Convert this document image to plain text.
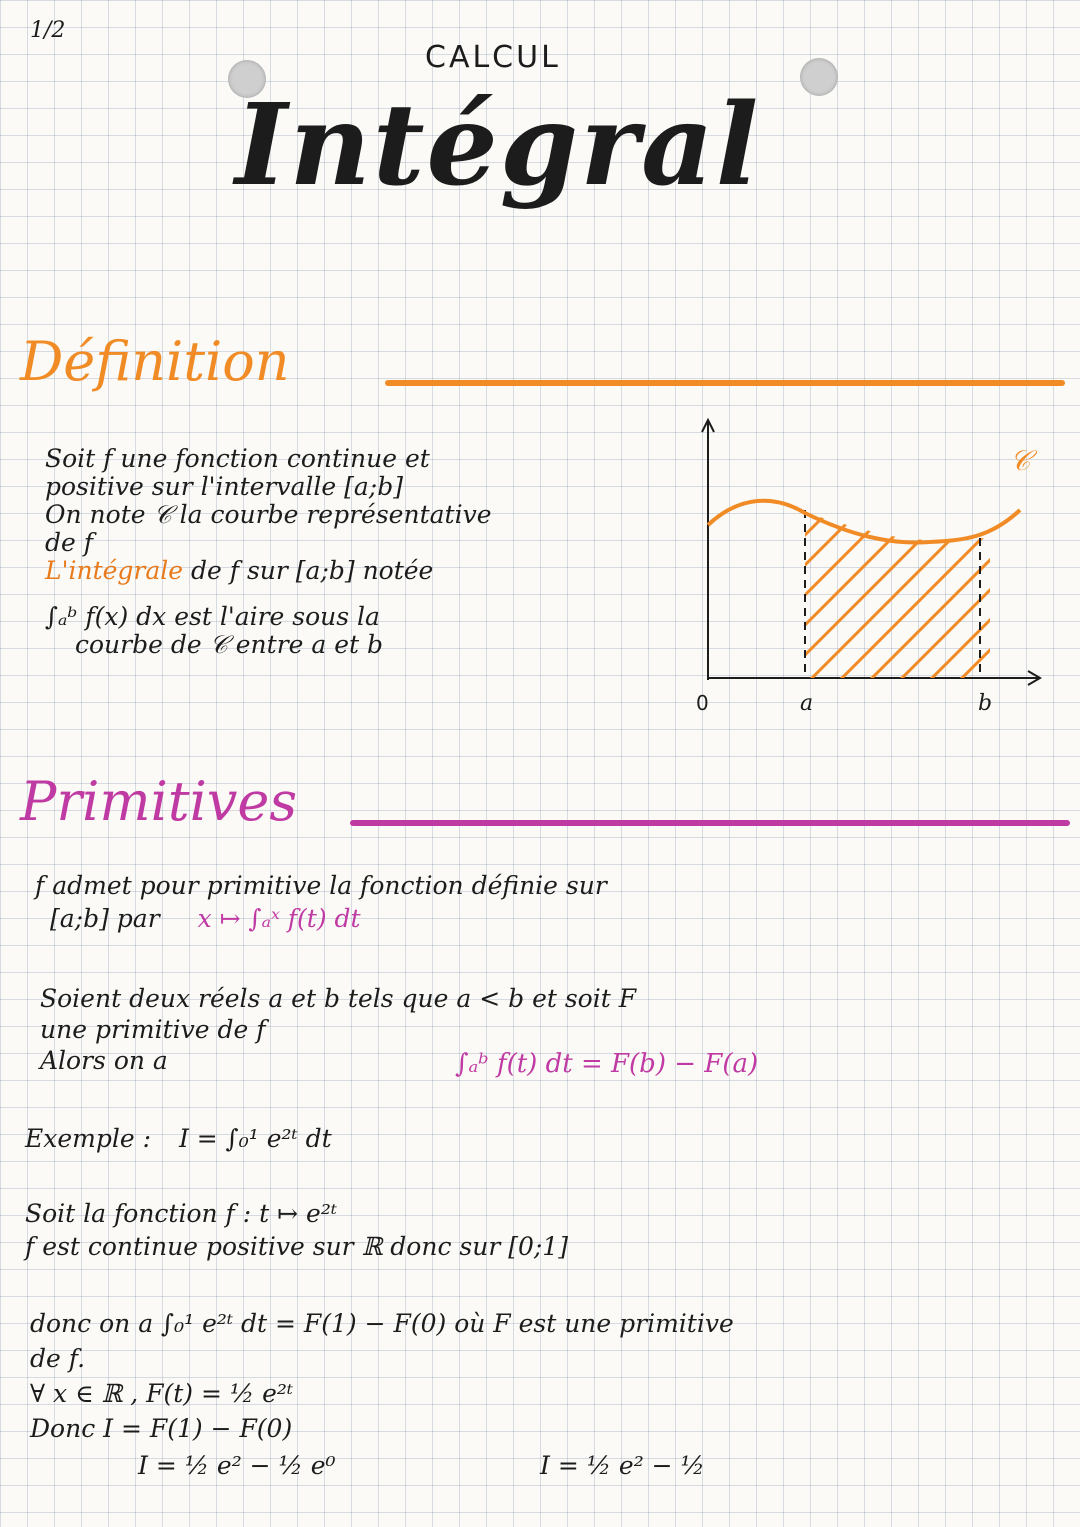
1/2
CALCUL
Intégral
Définition
Soit f une fonction continue et
positive sur l'intervalle [a;b]
On note 𝒞 la courbe représentative
de f
L'intégrale de f sur [a;b] notée
∫ₐᵇ f(x) dx est l'aire sous la
courbe de 𝒞 entre a et b
𝒞
0	a	b
Primitives
f admet pour primitive la fonction définie sur
[a;b] par x ↦ ∫ₐˣ f(t) dt
Soient deux réels a et b tels que a < b et soit F
une primitive de f
Alors on a	∫ₐᵇ f(t) dt = F(b) − F(a)
Exemple : I = ∫₀¹ e²ᵗ dt
Soit la fonction f : t ↦ e²ᵗ
f est continue positive sur ℝ donc sur [0;1]
donc on a ∫₀¹ e²ᵗ dt = F(1) − F(0) où F est une primitive
de f.
∀ x ∈ ℝ , F(t) = ½ e²ᵗ
Donc I = F(1) − F(0)
I = ½ e² − ½ e⁰	I = ½ e² − ½
